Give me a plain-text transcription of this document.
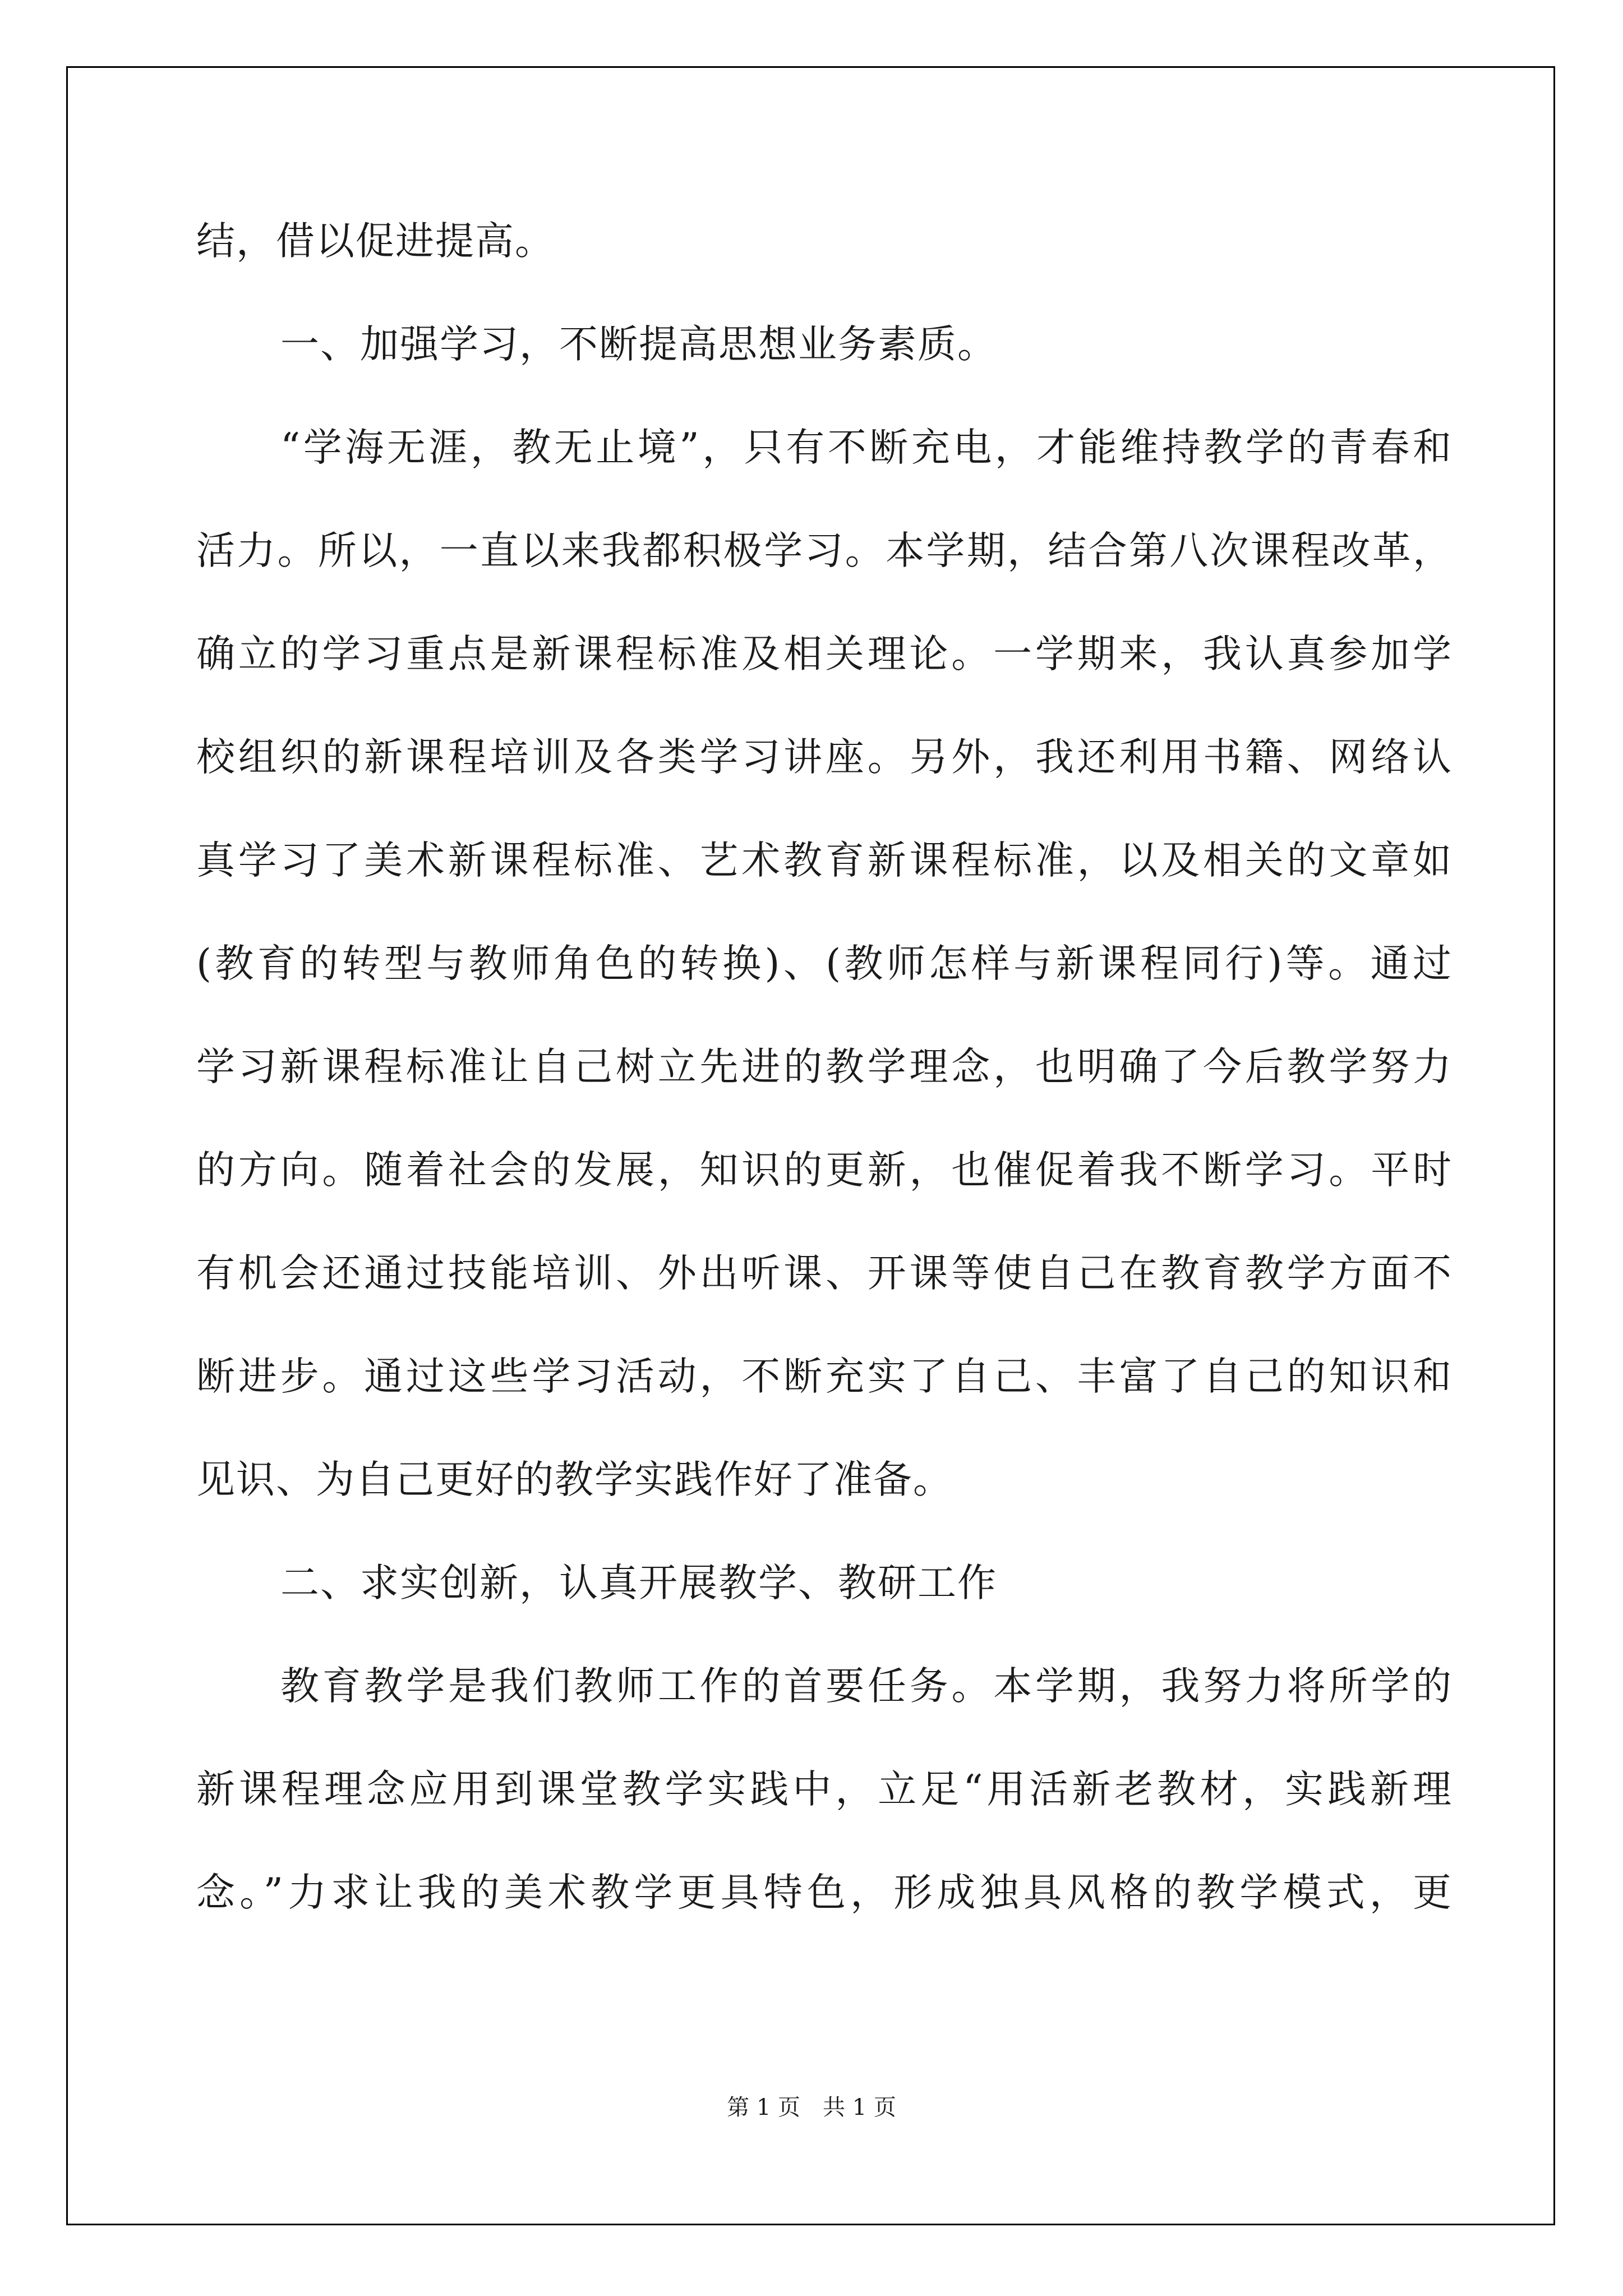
结，借以促进提高。
一、加强学习，不断提高思想业务素质。
“学海无涯，教无止境”，只有不断充电，才能维持教学的青春和
活力。所以，一直以来我都积极学习。本学期，结合第八次课程改革，
确立的学习重点是新课程标准及相关理论。一学期来，我认真参加学
校组织的新课程培训及各类学习讲座。另外，我还利用书籍、网络认
真学习了美术新课程标准、艺术教育新课程标准，以及相关的文章如
(教育的转型与教师角色的转换)、(教师怎样与新课程同行)等。通过
学习新课程标准让自己树立先进的教学理念，也明确了今后教学努力
的方向。随着社会的发展，知识的更新，也催促着我不断学习。平时
有机会还通过技能培训、外出听课、开课等使自己在教育教学方面不
断进步。通过这些学习活动，不断充实了自己、丰富了自己的知识和
见识、为自己更好的教学实践作好了准备。
二、求实创新，认真开展教学、教研工作
教育教学是我们教师工作的首要任务。本学期，我努力将所学的
新课程理念应用到课堂教学实践中，立足“用活新老教材，实践新理
念。”力求让我的美术教学更具特色，形成独具风格的教学模式，更
第 1 页　共 1 页
